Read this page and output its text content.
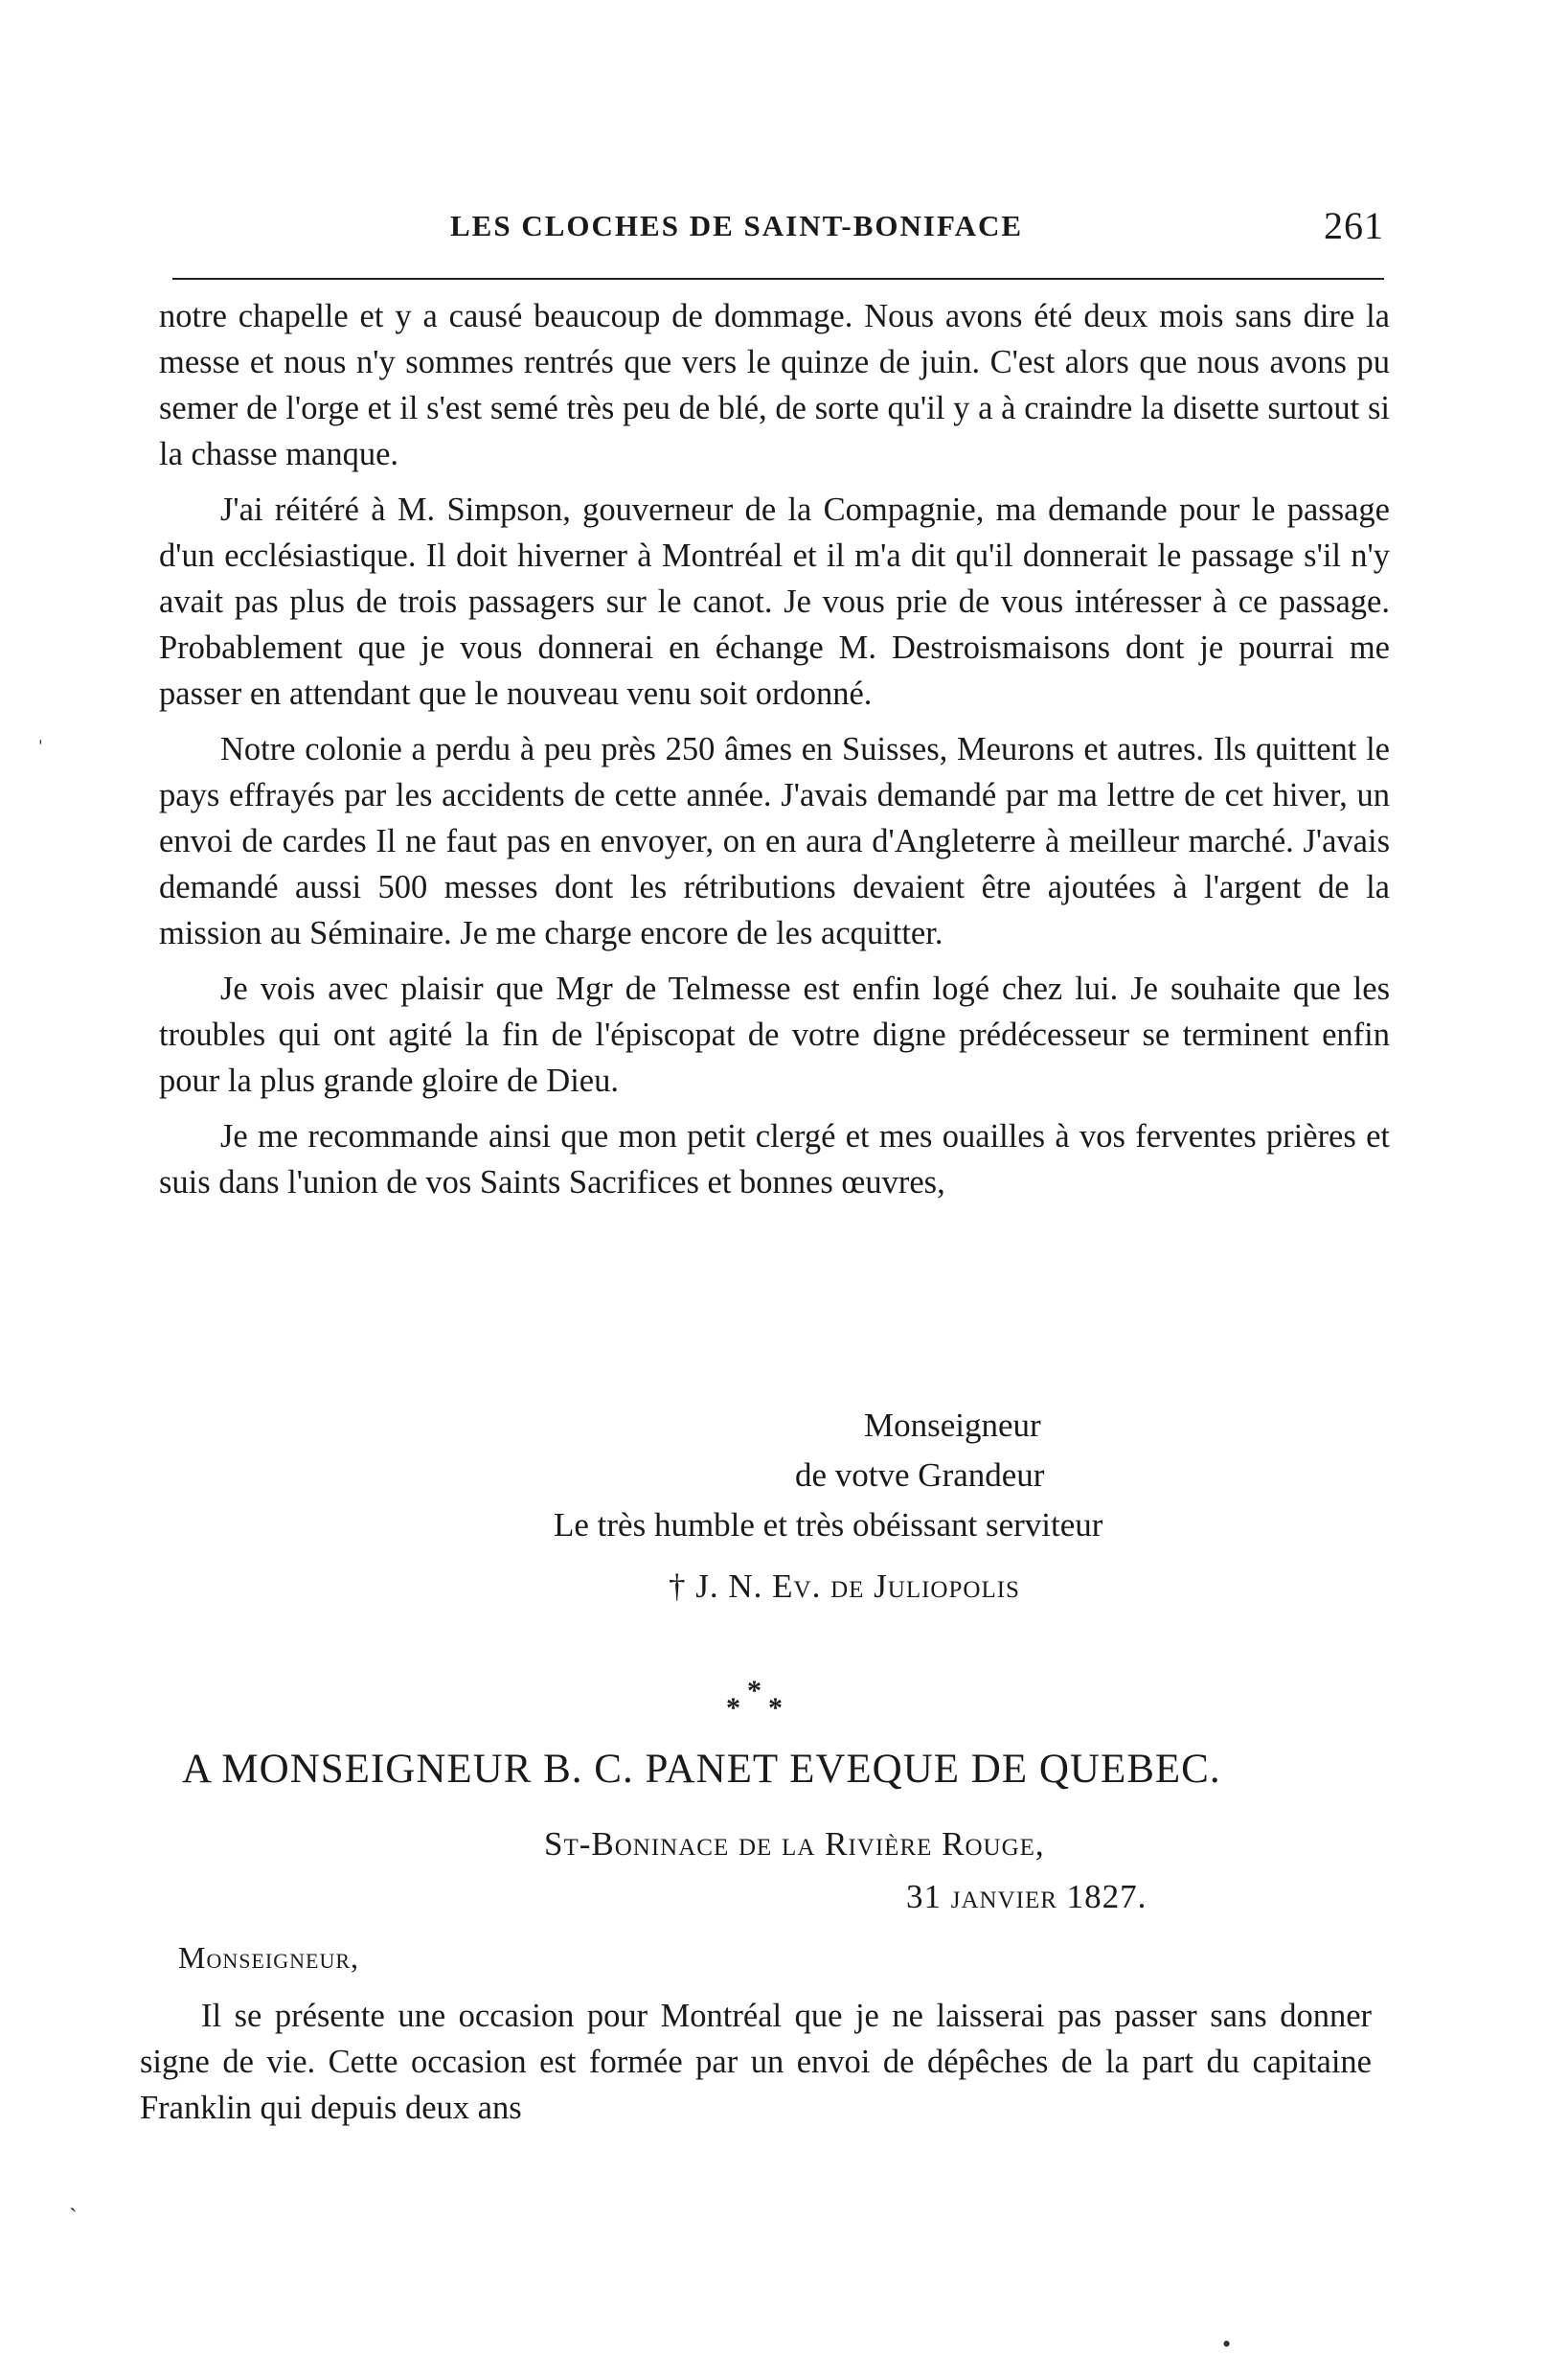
LES CLOCHES DE SAINT-BONIFACE	261

notre chapelle et y a causé beaucoup de dommage. Nous avons été deux mois sans dire la messe et nous n'y sommes rentrés que vers le quinze de juin. C'est alors que nous avons pu semer de l'orge et il s'est semé très peu de blé, de sorte qu'il y a à craindre la disette surtout si la chasse manque.

J'ai réitéré à M. Simpson, gouverneur de la Compagnie, ma demande pour le passage d'un ecclésiastique. Il doit hiverner à Montréal et il m'a dit qu'il donnerait le passage s'il n'y avait pas plus de trois passagers sur le canot. Je vous prie de vous intéresser à ce passage. Probablement que je vous donnerai en échange M. Destroismaisons dont je pourrai me passer en attendant que le nouveau venu soit ordonné.

Notre colonie a perdu à peu près 250 âmes en Suisses, Meurons et autres. Ils quittent le pays effrayés par les accidents de cette année. J'avais demandé par ma lettre de cet hiver, un envoi de cardes Il ne faut pas en envoyer, on en aura d'Angleterre à meilleur marché. J'avais demandé aussi 500 messes dont les rétributions devaient être ajoutées à l'argent de la mission au Séminaire. Je me charge encore de les acquitter.

Je vois avec plaisir que Mgr de Telmesse est enfin logé chez lui. Je souhaite que les troubles qui ont agité la fin de l'épiscopat de votre digne prédécesseur se terminent enfin pour la plus grande gloire de Dieu.

Je me recommande ainsi que mon petit clergé et mes ouailles à vos ferventes prières et suis dans l'union de vos Saints Sacrifices et bonnes œuvres,

Monseigneur
de votve Grandeur
Le très humble et très obéissant serviteur
† J. N. Ev. de Juliopolis
*
* *
A MONSEIGNEUR B. C. PANET EVEQUE DE QUEBEC.
St-Boninace de la Rivière Rouge,
31 janvier 1827.
Monseigneur,

Il se présente une occasion pour Montréal que je ne laisserai pas passer sans donner signe de vie. Cette occasion est formée par un envoi de dépêches de la part du capitaine Franklin qui depuis deux ans

ˌ
ˏ
•
